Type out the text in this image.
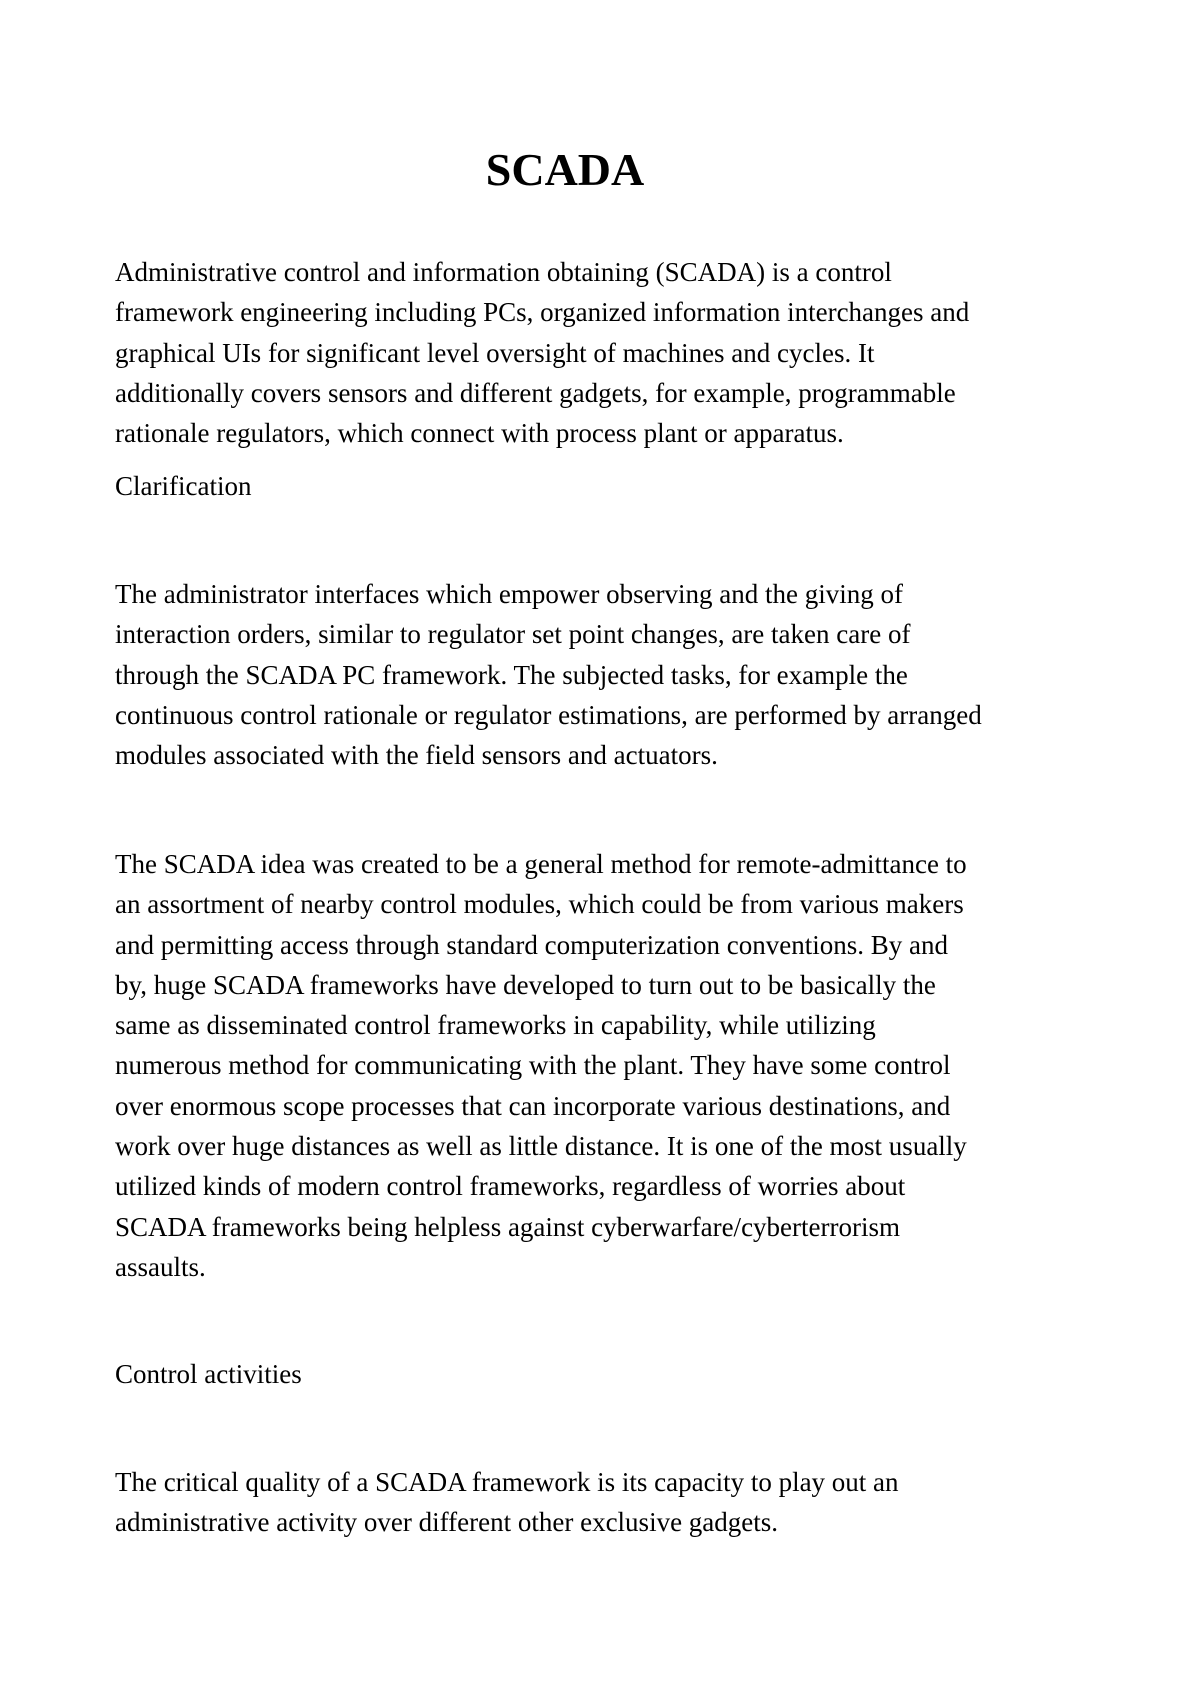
SCADA

Administrative control and information obtaining (SCADA) is a control
framework engineering including PCs, organized information interchanges and
graphical UIs for significant level oversight of machines and cycles. It
additionally covers sensors and different gadgets, for example, programmable
rationale regulators, which connect with process plant or apparatus.

Clarification

The administrator interfaces which empower observing and the giving of
interaction orders, similar to regulator set point changes, are taken care of
through the SCADA PC framework. The subjected tasks, for example the
continuous control rationale or regulator estimations, are performed by arranged
modules associated with the field sensors and actuators.

The SCADA idea was created to be a general method for remote-admittance to
an assortment of nearby control modules, which could be from various makers
and permitting access through standard computerization conventions. By and
by, huge SCADA frameworks have developed to turn out to be basically the
same as disseminated control frameworks in capability, while utilizing
numerous method for communicating with the plant. They have some control
over enormous scope processes that can incorporate various destinations, and
work over huge distances as well as little distance. It is one of the most usually
utilized kinds of modern control frameworks, regardless of worries about
SCADA frameworks being helpless against cyberwarfare/cyberterrorism
assaults.

Control activities

The critical quality of a SCADA framework is its capacity to play out an
administrative activity over different other exclusive gadgets.
